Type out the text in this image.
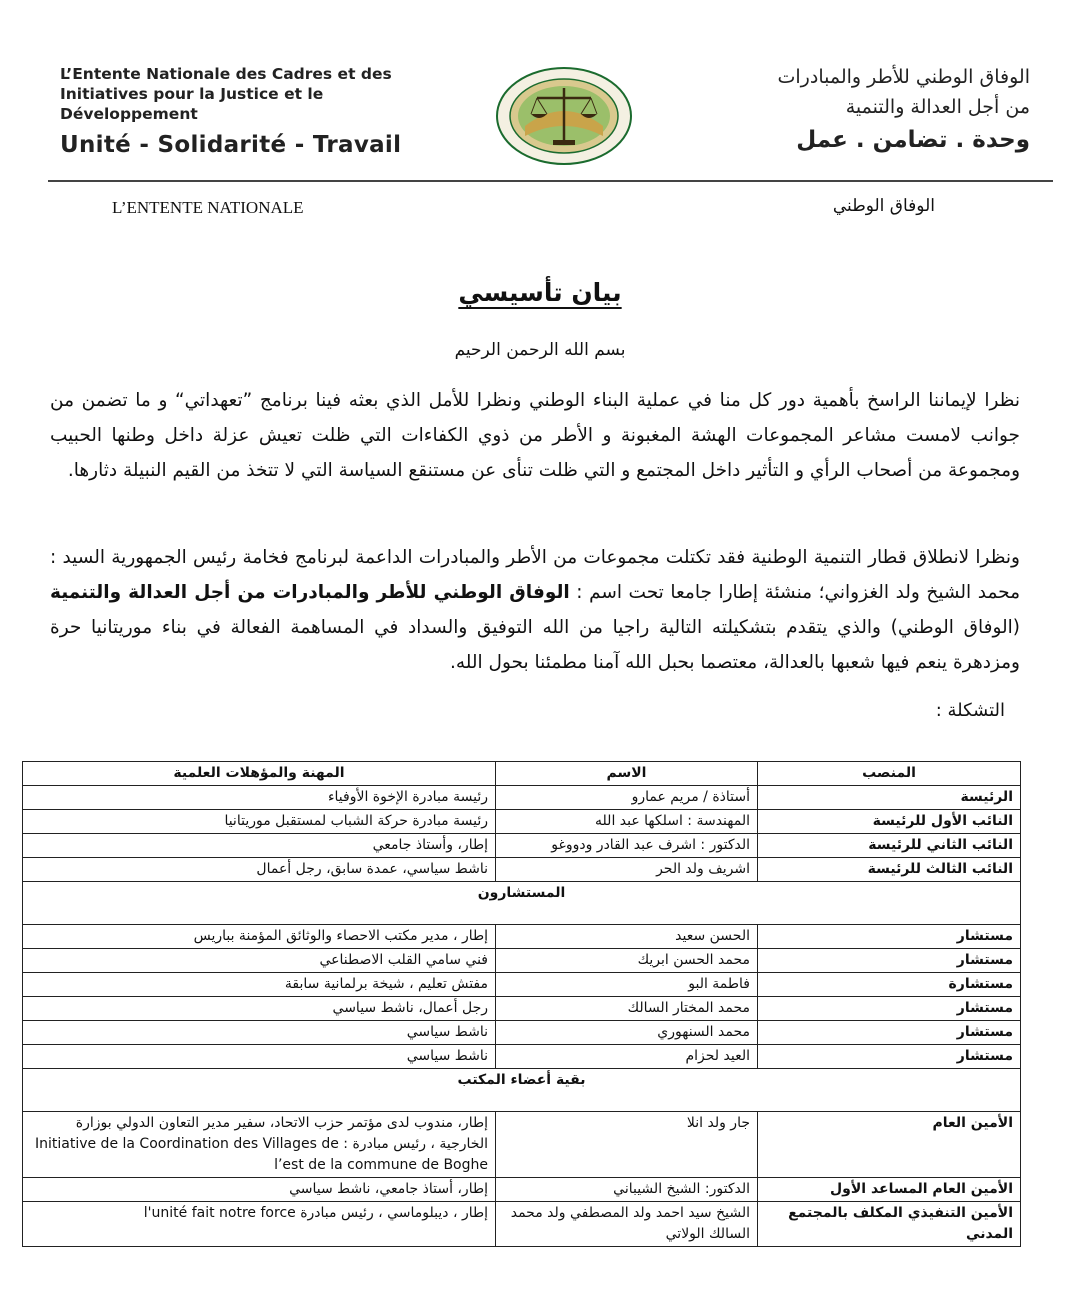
L’Entente Nationale des Cadres et des Initiatives pour la Justice et le Développement
Unité - Solidarité - Travail
الوفاق الوطني للأطر والمبادرات
من أجل العدالة والتنمية
وحدة . تضامن . عمل
L’ENTENTE NATIONALE	الوفاق الوطني
بيان تأسيسي
بسم الله الرحمن الرحيم
نظرا لإيماننا الراسخ بأهمية دور كل منا في عملية البناء الوطني ونظرا للأمل الذي بعثه فينا برنامج ”تعهداتي“ و ما تضمن من جوانب لامست مشاعر المجموعات الهشة المغبونة و الأطر من ذوي الكفاءات التي ظلت تعيش عزلة داخل وطنها الحبيب ومجموعة من أصحاب الرأي و التأثير داخل المجتمع و التي ظلت تنأى عن مستنقع السياسة التي لا تتخذ من القيم النبيلة دثارها.
ونظرا لانطلاق قطار التنمية الوطنية فقد تكتلت مجموعات من الأطر والمبادرات الداعمة لبرنامج فخامة رئيس الجمهورية السيد : محمد الشيخ ولد الغزواني؛ منشئة إطارا جامعا تحت اسم : الوفاق الوطني للأطر والمبادرات من أجل العدالة والتنمية (الوفاق الوطني) والذي يتقدم بتشكيلته التالية راجيا من الله التوفيق والسداد في المساهمة الفعالة في بناء موريتانيا حرة ومزدهرة ينعم فيها شعبها بالعدالة، معتصما بحبل الله آمنا مطمئنا بحول الله.
التشكلة :
المنصب	الاسم	المهنة والمؤهلات العلمية
الرئيسة	أستاذة / مريم عمارو	رئيسة مبادرة الإخوة الأوفياء
النائب الأول للرئيسة	المهندسة : اسلكها عبد الله	رئيسة مبادرة حركة الشباب لمستقبل موريتانيا
النائب الثاني للرئيسة	الدكتور : اشرف عبد القادر ودووغو	إطار، وأستاذ جامعي
النائب الثالث للرئيسة	اشريف ولد الحر	ناشط سياسي، عمدة سابق، رجل أعمال
المستشارون		
مستشار	الحسن سعيد	إطار ، مدير مكتب الاحصاء والوثائق المؤمنة بباريس
مستشار	محمد الحسن ابريك	فني سامي القلب الاصطناعي
مستشارة	فاطمة البو	مفتش تعليم ، شيخة برلمانية سابقة
مستشار	محمد المختار السالك	رجل أعمال، ناشط سياسي
مستشار	محمد السنهوري	ناشط سياسي
مستشار	العيد لحزام	ناشط سياسي
بقية أعضاء المكتب		
الأمين العام	جار ولد انلا	إطار، مندوب لدى مؤتمر حزب الاتحاد، سفير مدير التعاون الدولي بوزارة الخارجية ، رئيس مبادرة : Initiative de la Coordination des Villages de l’est de la commune de Boghe
الأمين العام المساعد الأول	الدكتور: الشيخ الشيباني	إطار، أستاذ جامعي، ناشط سياسي
الأمين التنفيذي المكلف بالمجتمع المدني	الشيخ سيد احمد ولد المصطفي ولد محمد السالك الولاتي	إطار ، ديبلوماسي ، رئيس مبادرة l'unité fait notre force
